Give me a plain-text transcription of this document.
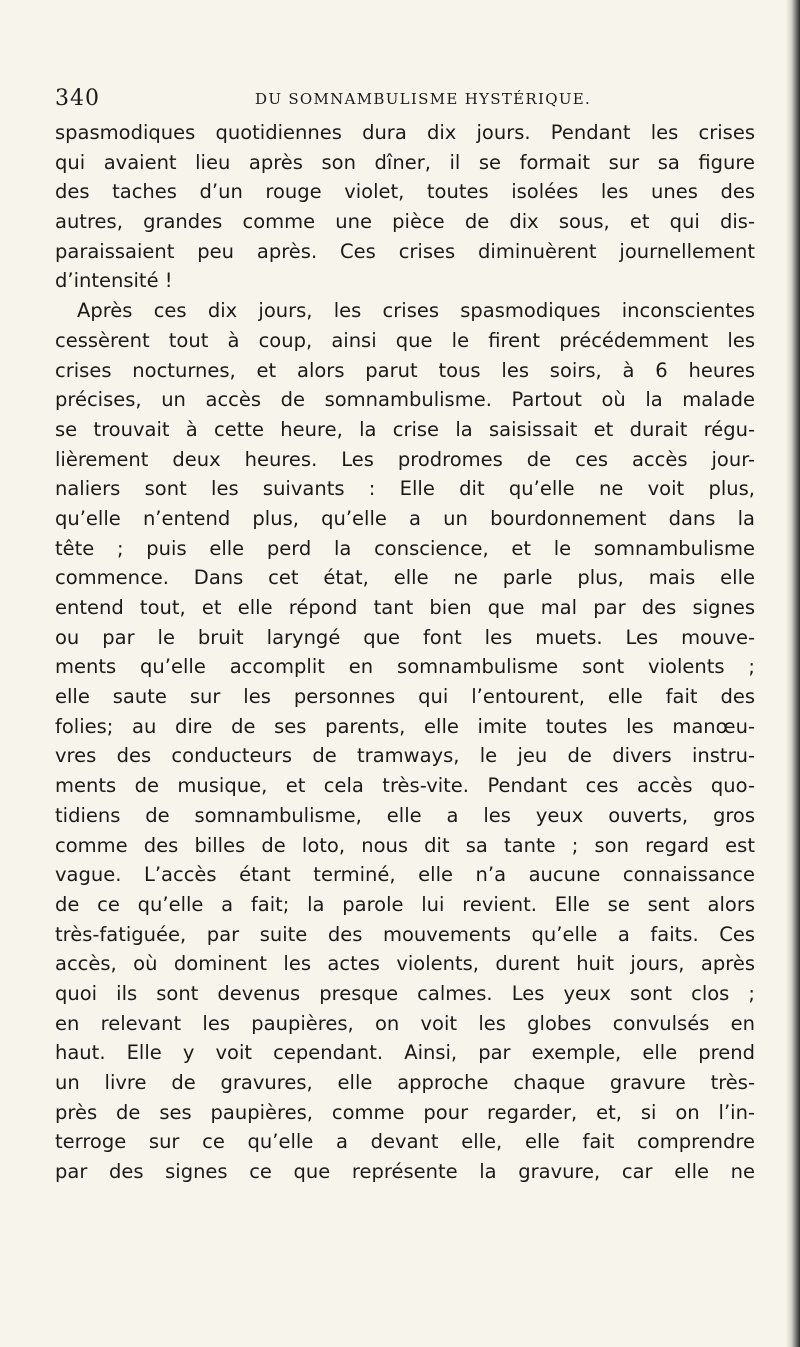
340	DU SOMNAMBULISME HYSTÉRIQUE.
spasmodiques quotidiennes dura dix jours. Pendant les crises
qui avaient lieu après son dîner, il se formait sur sa figure
des taches d’un rouge violet, toutes isolées les unes des
autres, grandes comme une pièce de dix sous, et qui dis-
paraissaient peu après. Ces crises diminuèrent journellement
d’intensité !
Après ces dix jours, les crises spasmodiques inconscientes
cessèrent tout à coup, ainsi que le firent précédemment les
crises nocturnes, et alors parut tous les soirs, à 6 heures
précises, un accès de somnambulisme. Partout où la malade
se trouvait à cette heure, la crise la saisissait et durait régu-
lièrement deux heures. Les prodromes de ces accès jour-
naliers sont les suivants : Elle dit qu’elle ne voit plus,
qu’elle n’entend plus, qu’elle a un bourdonnement dans la
tête ; puis elle perd la conscience, et le somnambulisme
commence. Dans cet état, elle ne parle plus, mais elle
entend tout, et elle répond tant bien que mal par des signes
ou par le bruit laryngé que font les muets. Les mouve-
ments qu’elle accomplit en somnambulisme sont violents ;
elle saute sur les personnes qui l’entourent, elle fait des
folies; au dire de ses parents, elle imite toutes les manœu-
vres des conducteurs de tramways, le jeu de divers instru-
ments de musique, et cela très-vite. Pendant ces accès quo-
tidiens de somnambulisme, elle a les yeux ouverts, gros
comme des billes de loto, nous dit sa tante ; son regard est
vague. L’accès étant terminé, elle n’a aucune connaissance
de ce qu’elle a fait; la parole lui revient. Elle se sent alors
très-fatiguée, par suite des mouvements qu’elle a faits. Ces
accès, où dominent les actes violents, durent huit jours, après
quoi ils sont devenus presque calmes. Les yeux sont clos ;
en relevant les paupières, on voit les globes convulsés en
haut. Elle y voit cependant. Ainsi, par exemple, elle prend
un livre de gravures, elle approche chaque gravure très-
près de ses paupières, comme pour regarder, et, si on l’in-
terroge sur ce qu’elle a devant elle, elle fait comprendre
par des signes ce que représente la gravure, car elle ne
